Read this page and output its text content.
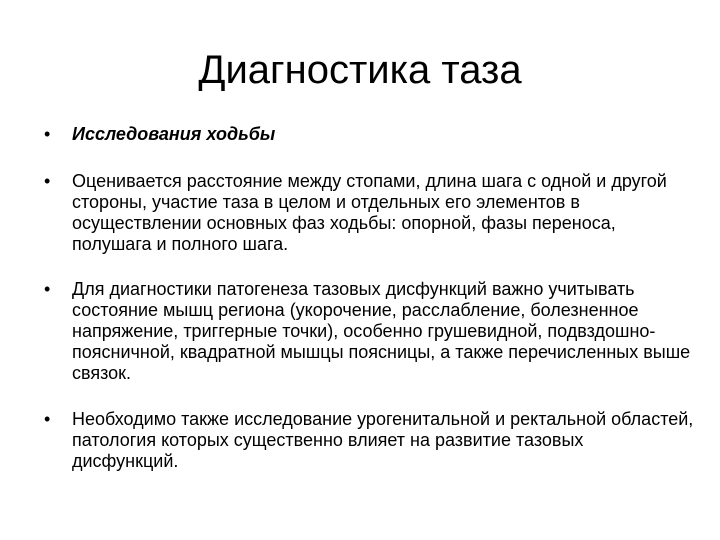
Диагностика таза
• Исследования ходьбы
• Оценивается расстояние между стопами, длина шага с одной и другой стороны, участие таза в целом и отдельных его элементов в осуществлении основных фаз ходьбы: опорной, фазы переноса, полушага и полного шага.
• Для диагностики патогенеза тазовых дисфункций важно учитывать состояние мышц региона (укорочение, расслабление, болезненное напряжение, триггерные точки), особенно грушевидной, подвздошно-поясничной, квадратной мышцы поясницы, а также перечисленных выше связок.
• Необходимо также исследование урогенитальной и ректальной областей, патология которых существенно влияет на развитие тазовых дисфункций.
